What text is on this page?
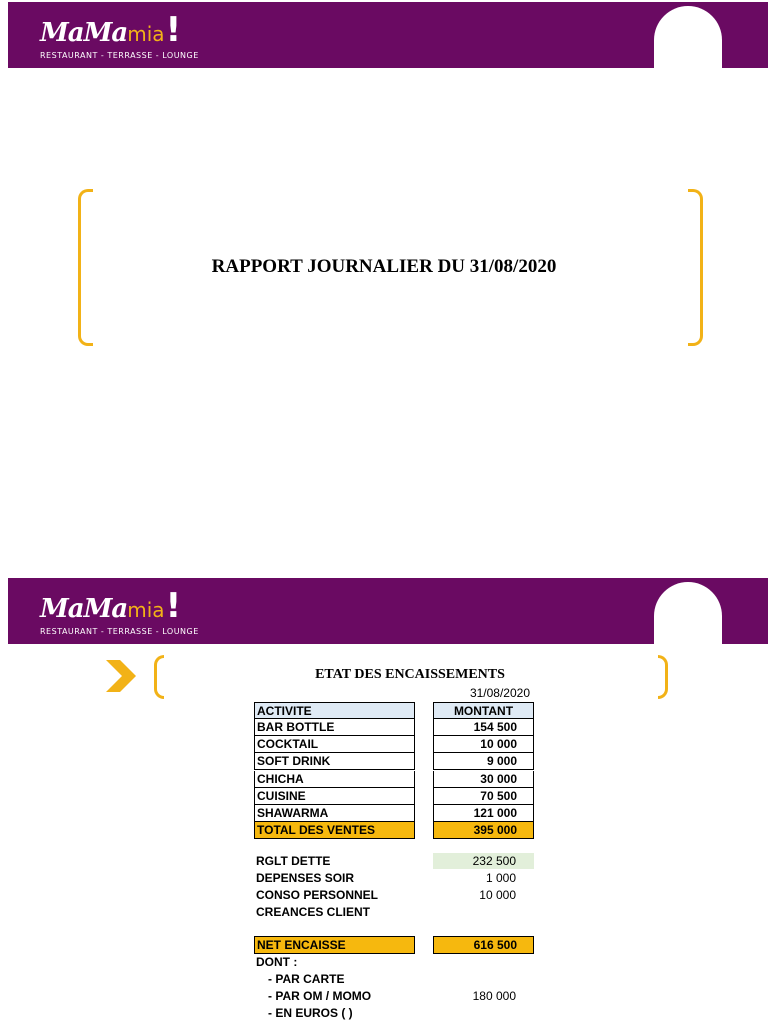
MaMamia!
RESTAURANT - TERRASSE - LOUNGE
RAPPORT JOURNALIER DU 31/08/2020
MaMamia!
RESTAURANT - TERRASSE - LOUNGE
ETAT DES ENCAISSEMENTS
31/08/2020
ACTIVITE	MONTANT
BAR BOTTLE	154 500
COCKTAIL	10 000
SOFT DRINK	9 000
CHICHA	30 000
CUISINE	70 500
SHAWARMA	121 000
TOTAL DES VENTES	395 000
RGLT DETTE	232 500
DEPENSES SOIR	1 000
CONSO PERSONNEL	10 000
CREANCES CLIENT
NET ENCAISSE	616 500
DONT :
- PAR CARTE
- PAR OM / MOMO	180 000
- EN EUROS ( )
